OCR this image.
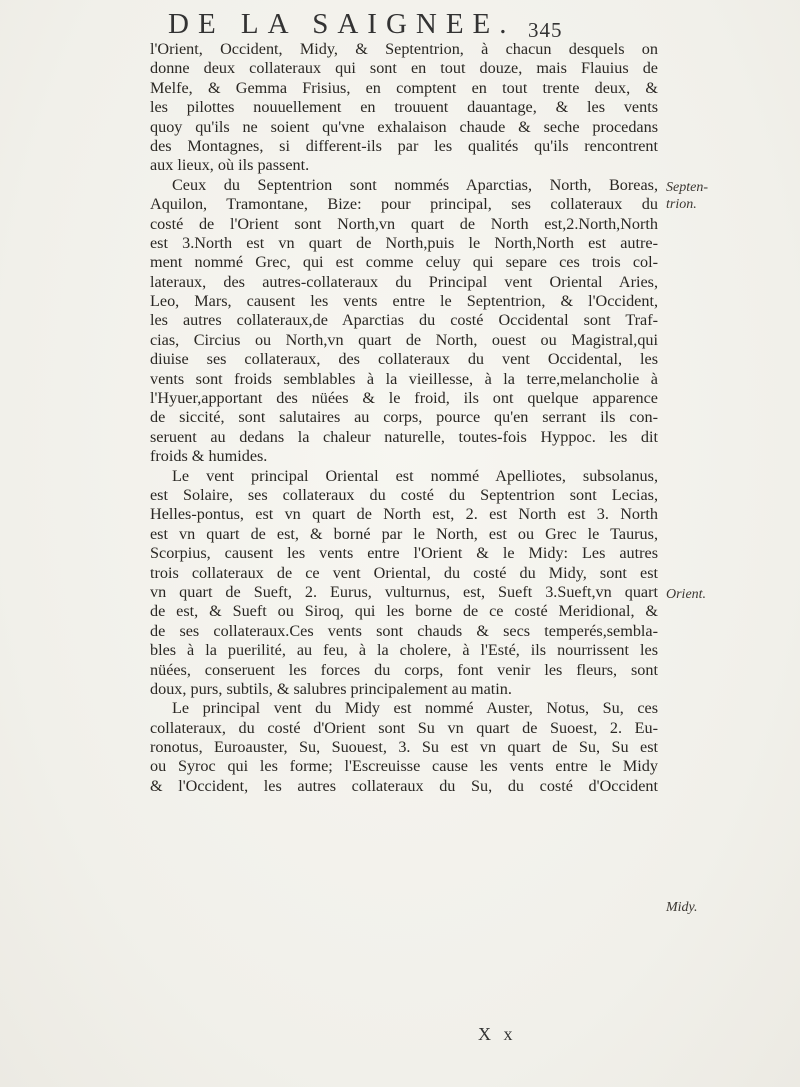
DE LA SAIGNEE. 345
l'Orient, Occident, Midy, & Septentrion, à chacun desquels on
donne deux collateraux qui sont en tout douze, mais Flauius de
Melfe, & Gemma Frisius, en comptent en tout trente deux, &
les pilottes nouuellement en trouuent dauantage, & les vents
quoy qu'ils ne soient qu'vne exhalaison chaude & seche procedans
des Montagnes, si different-ils par les qualités qu'ils rencontrent
aux lieux, où ils passent.
Ceux du Septentrion sont nommés Aparctias, North, Boreas,
Aquilon, Tramontane, Bize: pour principal, ses collateraux du
costé de l'Orient sont North,vn quart de North est,2.North,North
est 3.North est vn quart de North,puis le North,North est autre-
ment nommé Grec, qui est comme celuy qui separe ces trois col-
lateraux, des autres-collateraux du Principal vent Oriental Aries,
Leo, Mars, causent les vents entre le Septentrion, & l'Occident,
les autres collateraux,de Aparctias du costé Occidental sont Traf-
cias, Circius ou North,vn quart de North, ouest ou Magistral,qui
diuise ses collateraux, des collateraux du vent Occidental, les
vents sont froids semblables à la vieillesse, à la terre,melancholie à
l'Hyuer,apportant des nüées & le froid, ils ont quelque apparence
de siccité, sont salutaires au corps, pource qu'en serrant ils con-
seruent au dedans la chaleur naturelle, toutes-fois Hyppoc. les dit
froids & humides.
Le vent principal Oriental est nommé Apelliotes, subsolanus,
est Solaire, ses collateraux du costé du Septentrion sont Lecias,
Helles-pontus, est vn quart de North est, 2. est North est 3. North
est vn quart de est, & borné par le North, est ou Grec le Taurus,
Scorpius, causent les vents entre l'Orient & le Midy: Les autres
trois collateraux de ce vent Oriental, du costé du Midy, sont est
vn quart de Sueft, 2. Eurus, vulturnus, est, Sueft 3.Sueft,vn quart
de est, & Sueft ou Siroq, qui les borne de ce costé Meridional, &
de ses collateraux.Ces vents sont chauds & secs temperés,sembla-
bles à la puerilité, au feu, à la cholere, à l'Esté, ils nourrissent les
nüées, conseruent les forces du corps, font venir les fleurs, sont
doux, purs, subtils, & salubres principalement au matin.
Le principal vent du Midy est nommé Auster, Notus, Su, ces
collateraux, du costé d'Orient sont Su vn quart de Suoest, 2. Eu-
ronotus, Euroauster, Su, Suouest, 3. Su est vn quart de Su, Su est
ou Syroc qui les forme; l'Escreuisse cause les vents entre le Midy
& l'Occident, les autres collateraux du Su, du costé d'Occident
Septen-
trion.
Orient.
Midy.
X x
